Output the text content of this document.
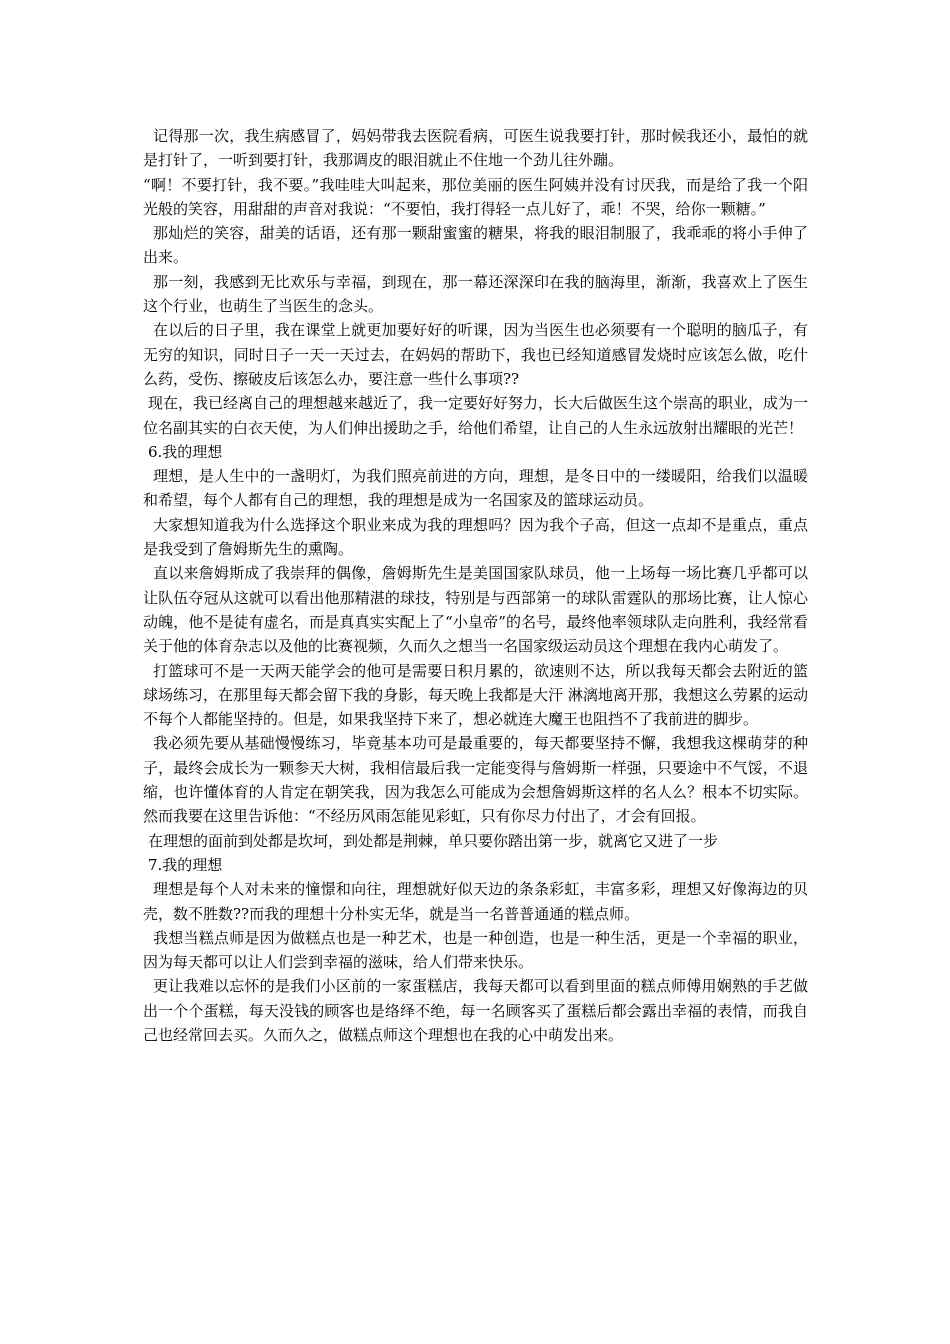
记得那一次，我生病感冒了，妈妈带我去医院看病，可医生说我要打针，那时候我还小，最怕的就是打针了，一听到要打针，我那调皮的眼泪就止不住地一个劲儿往外蹦。

“啊！不要打针，我不要。”我哇哇大叫起来，那位美丽的医生阿姨并没有讨厌我，而是给了我一个阳光般的笑容，用甜甜的声音对我说：“不要怕，我打得轻一点儿好了，乖！不哭，给你一颗糖。”

那灿烂的笑容，甜美的话语，还有那一颗甜蜜蜜的糖果，将我的眼泪制服了，我乖乖的将小手伸了出来。

那一刻，我感到无比欢乐与幸福，到现在，那一幕还深深印在我的脑海里，渐渐，我喜欢上了医生这个行业，也萌生了当医生的念头。

在以后的日子里，我在课堂上就更加要好好的听课，因为当医生也必须要有一个聪明的脑瓜子，有无穷的知识，同时日子一天一天过去，在妈妈的帮助下，我也已经知道感冒发烧时应该怎么做，吃什么药，受伤、擦破皮后该怎么办，要注意一些什么事项??

现在，我已经离自己的理想越来越近了，我一定要好好努力，长大后做医生这个崇高的职业，成为一位名副其实的白衣天使，为人们伸出援助之手，给他们希望，让自己的人生永远放射出耀眼的光芒！

6.我的理想

理想，是人生中的一盏明灯，为我们照亮前进的方向，理想，是冬日中的一缕暖阳，给我们以温暖和希望，每个人都有自己的理想，我的理想是成为一名国家及的篮球运动员。

大家想知道我为什么选择这个职业来成为我的理想吗？因为我个子高，但这一点却不是重点，重点是我受到了詹姆斯先生的熏陶。

直以来詹姆斯成了我崇拜的偶像，詹姆斯先生是美国国家队球员，他一上场每一场比赛几乎都可以让队伍夺冠从这就可以看出他那精湛的球技，特别是与西部第一的球队雷霆队的那场比赛，让人惊心动魄，他不是徒有虚名，而是真真实实配上了“小皇帝”的名号，最终他率领球队走向胜利，我经常看关于他的体育杂志以及他的比赛视频，久而久之想当一名国家级运动员这个理想在我内心萌发了。

打篮球可不是一天两天能学会的他可是需要日积月累的，欲速则不达，所以我每天都会去附近的篮球场练习，在那里每天都会留下我的身影，每天晚上我都是大汗 淋漓地离开那，我想这么劳累的运动不每个人都能坚持的。但是，如果我坚持下来了，想必就连大魔王也阻挡不了我前进的脚步。

我必须先要从基础慢慢练习，毕竟基本功可是最重要的，每天都要坚持不懈，我想我这棵萌芽的种子，最终会成长为一颗参天大树，我相信最后我一定能变得与詹姆斯一样强，只要途中不气馁，不退缩，也许懂体育的人肯定在朝笑我，因为我怎么可能成为会想詹姆斯这样的名人么？根本不切实际。然而我要在这里告诉他：“不经历风雨怎能见彩虹，只有你尽力付出了，才会有回报。

在理想的面前到处都是坎坷，到处都是荆棘，单只要你踏出第一步，就离它又进了一步

7.我的理想

理想是每个人对未来的憧憬和向往，理想就好似天边的条条彩虹，丰富多彩，理想又好像海边的贝壳，数不胜数??而我的理想十分朴实无华，就是当一名普普通通的糕点师。

我想当糕点师是因为做糕点也是一种艺术，也是一种创造，也是一种生活，更是一个幸福的职业，因为每天都可以让人们尝到幸福的滋味，给人们带来快乐。

更让我难以忘怀的是我们小区前的一家蛋糕店，我每天都可以看到里面的糕点师傅用娴熟的手艺做出一个个蛋糕，每天没钱的顾客也是络绎不绝，每一名顾客买了蛋糕后都会露出幸福的表情，而我自己也经常回去买。久而久之，做糕点师这个理想也在我的心中萌发出来。
